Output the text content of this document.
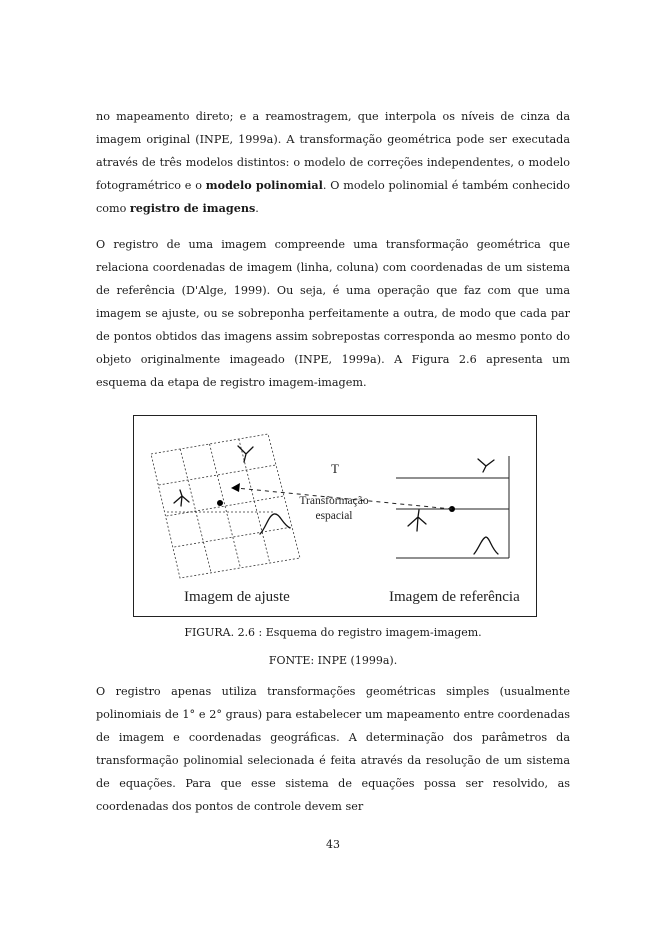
no mapeamento direto; e a reamostragem, que interpola os níveis de cinza da imagem original (INPE, 1999a). A transformação geométrica pode ser executada através de três modelos distintos: o modelo de correções independentes, o modelo fotogramétrico e o modelo polinomial. O modelo polinomial é também conhecido como registro de imagens.

O registro de uma imagem compreende uma transformação geométrica que relaciona coordenadas de imagem (linha, coluna) com coordenadas de um sistema de referência (D'Alge, 1999). Ou seja, é uma operação que faz com que uma imagem se ajuste, ou se sobreponha perfeitamente a outra, de modo que cada par de pontos obtidos das imagens assim sobrepostas corresponda ao mesmo ponto do objeto originalmente imageado (INPE, 1999a). A Figura 2.6 apresenta um esquema da etapa de registro imagem-imagem.

T
Transformação
espacial
Imagem de ajuste	Imagem de referência
FIGURA. 2.6 : Esquema do registro imagem-imagem.
FONTE: INPE (1999a).

O registro apenas utiliza transformações geométricas simples (usualmente polinomiais de 1° e 2° graus) para estabelecer um mapeamento entre coordenadas de imagem e coordenadas geográficas. A determinação dos parâmetros da transformação polinomial selecionada é feita através da resolução de um sistema de equações. Para que esse sistema de equações possa ser resolvido, as coordenadas dos pontos de controle devem ser

43
